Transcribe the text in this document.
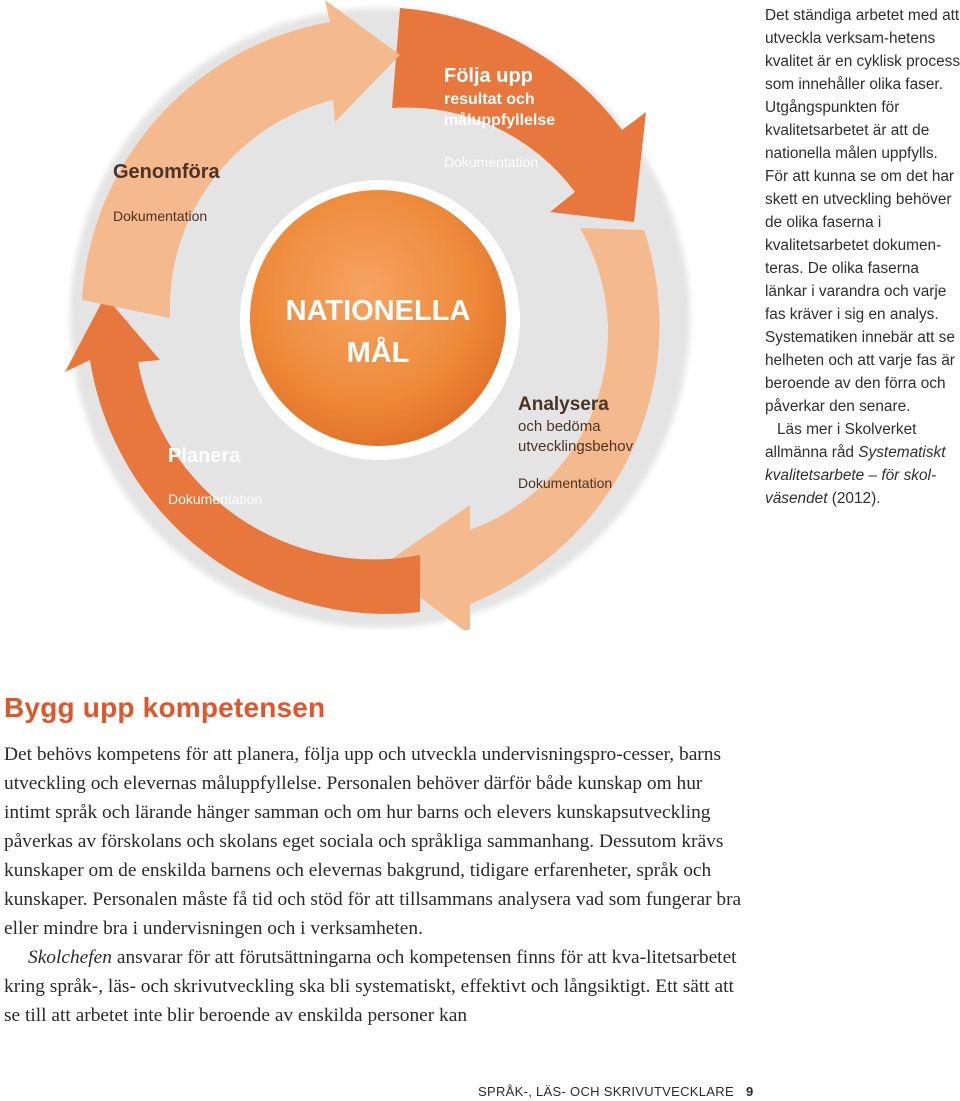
NATIONELLA
MÅL
Följa upp
resultat och
måluppfyllelse
Dokumentation
Analysera
och bedöma
utvecklingsbehov
Dokumentation
Planera
Dokumentation
Genomföra
Dokumentation

Det ständiga arbetet med att utveckla verksam-hetens kvalitet är en cyklisk process som innehåller olika faser. Utgångspunkten för kvalitetsarbetet är att de nationella målen uppfylls. För att kunna se om det har skett en utveckling behöver de olika faserna i kvalitetsarbetet dokumen-teras. De olika faserna länkar i varandra och varje fas kräver i sig en analys. Systematiken innebär att se helheten och att varje fas är beroende av den förra och påverkar den senare.

Läs mer i Skolverket allmänna råd Systematiskt kvalitetsarbete – för skol-väsendet (2012).

Bygg upp kompetensen

Det behövs kompetens för att planera, följa upp och utveckla undervisningspro-cesser, barns utveckling och elevernas måluppfyllelse. Personalen behöver därför både kunskap om hur intimt språk och lärande hänger samman och om hur barns och elevers kunskapsutveckling påverkas av förskolans och skolans eget sociala och språkliga sammanhang. Dessutom krävs kunskaper om de enskilda barnens och elevernas bakgrund, tidigare erfarenheter, språk och kunskaper. Personalen måste få tid och stöd för att tillsammans analysera vad som fungerar bra eller mindre bra i undervisningen och i verksamheten.

Skolchefen ansvarar för att förutsättningarna och kompetensen finns för att kva-litetsarbetet kring språk-, läs- och skrivutveckling ska bli systematiskt, effektivt och långsiktigt. Ett sätt att se till att arbetet inte blir beroende av enskilda personer kan

SPRÅK-, LÄS- OCH SKRIVUTVECKLARE 9
